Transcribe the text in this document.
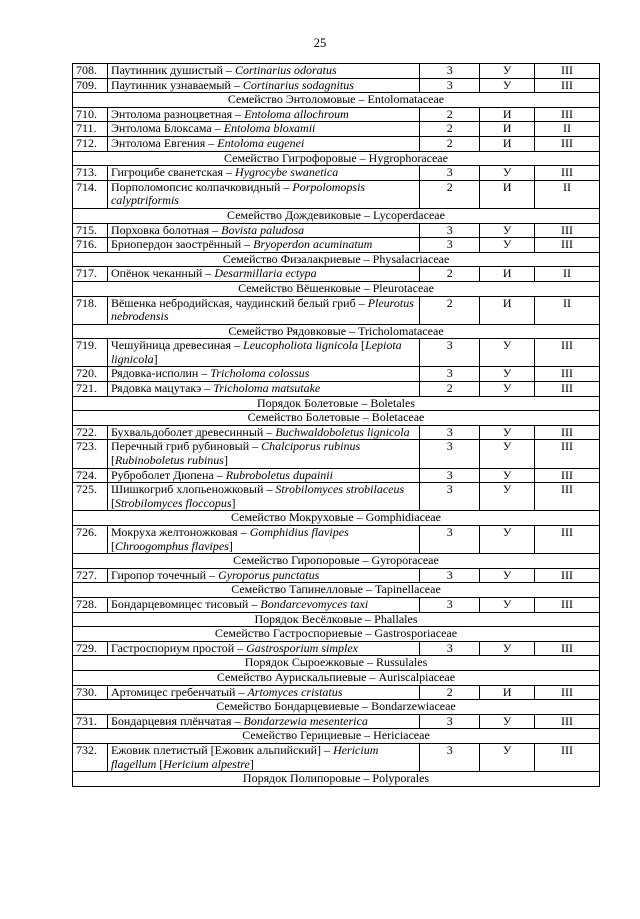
25
708.	Паутинник душистый – Cortinarius odoratus	3	У	III
709.	Паутинник узнаваемый – Cortinarius sodagnitus	3	У	III
Семейство Энтоломовые – Entolomataceae				
710.	Энтолома разноцветная – Entoloma allochroum	2	И	III
711.	Энтолома Блоксама – Entoloma bloxamii	2	И	II
712.	Энтолома Евгения – Entoloma eugenei	2	И	III
Семейство Гигрофоровые – Hygrophoraceae				
713.	Гигроцибе сванетская – Hygrocybe swanetica	3	У	III
714.	Порполомопсис колпачковидный – Porpolomopsis calyptriformis	2	И	II
Семейство Дождевиковые – Lycoperdaceae				
715.	Порховка болотная – Bovista paludosa	3	У	III
716.	Бриопердон заострённый – Bryoperdon acuminatum	3	У	III
Семейство Физалакриевые – Physalacriaceae				
717.	Опёнок чеканный – Desarmillaria ectypa	2	И	II
Семейство Вёшенковые – Pleurotaceae				
718.	Вёшенка небродийская, чаудинский белый гриб – Pleurotus nebrodensis	2	И	II
Семейство Рядовковые – Tricholomataceae				
719.	Чешуйница древесиная – Leucopholiota lignicola [Lepiota lignicola]	3	У	III
720.	Рядовка-исполин – Tricholoma colossus	3	У	III
721.	Рядовка мацутакэ – Tricholoma matsutake	2	У	III
Порядок Болетовые – Boletales				
Семейство Болетовые – Boletaceae				
722.	Бухвальдоболет древесинный – Buchwaldoboletus lignicola	3	У	III
723.	Перечный гриб рубиновый – Chalciporus rubinus [Rubinoboletus rubinus]	3	У	III
724.	Руброболет Дюпена – Rubroboletus dupainii	3	У	III
725.	Шишкогриб хлопьеножковый – Strobilomyces strobilaceus [Strobilomyces floccopus]	3	У	III
Семейство Мокруховые – Gomphidiaceae				
726.	Мокруха желтоножковая – Gomphidius flavipes [Chroogomphus flavipes]	3	У	III
Семейство Гиропоровые – Gyroporaceae				
727.	Гиропор точечный – Gyroporus punctatus	3	У	III
Семейство Тапинелловые – Tapinellaceae				
728.	Бондарцевомицес тисовый – Bondarcevomyces taxi	3	У	III
Порядок Весёлковые – Phallales				
Семейство Гастроспориевые – Gastrosporiaceae				
729.	Гастроспориум простой – Gastrosporium simplex	3	У	III
Порядок Сыроежковые – Russulales				
Семейство Аурискальпиевые – Auriscalpiaceae				
730.	Артомицес гребенчатый – Artomyces cristatus	2	И	III
Семейство Бондарцевиевые – Bondarzewiaceae				
731.	Бондарцевия плёнчатая – Bondarzewia mesenterica	3	У	III
Семейство Герициевые – Hericiaceae				
732.	Ежовик плетистый [Ежовик альпийский] – Hericium flagellum [Hericium alpestre]	3	У	III
Порядок Полипоровые – Polyporales				
